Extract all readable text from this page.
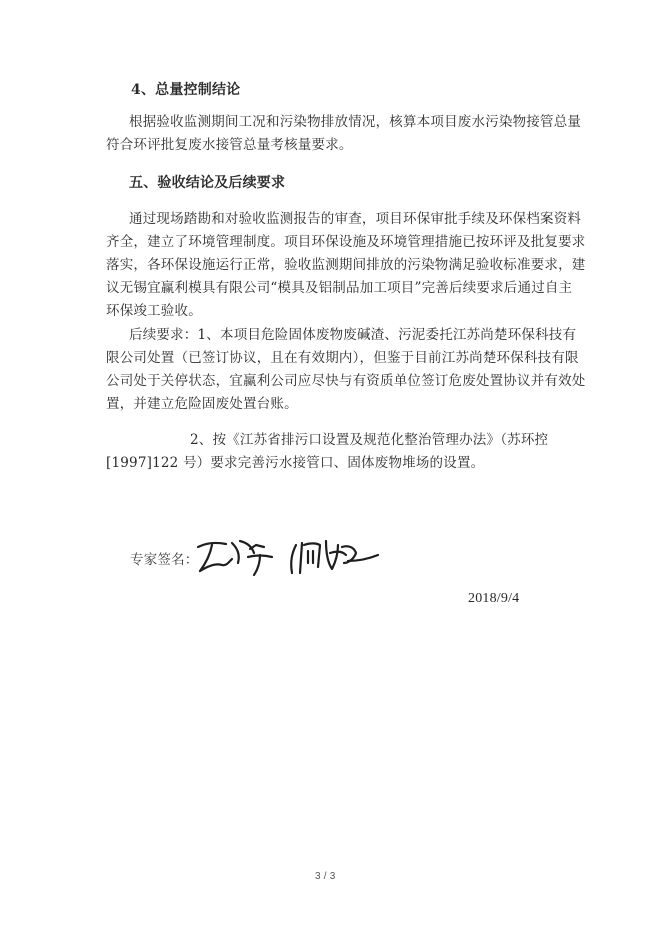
4、总量控制结论
根据验收监测期间工况和污染物排放情况，核算本项目废水污染物接管总量
符合环评批复废水接管总量考核量要求。
五、验收结论及后续要求
通过现场踏勘和对验收监测报告的审查，项目环保审批手续及环保档案资料
齐全，建立了环境管理制度。项目环保设施及环境管理措施已按环评及批复要求
落实，各环保设施运行正常，验收监测期间排放的污染物满足验收标准要求，建
议无锡宜赢利模具有限公司“模具及铝制品加工项目”完善后续要求后通过自主
环保竣工验收。
后续要求：1、本项目危险固体废物废碱渣、污泥委托江苏尚楚环保科技有
限公司处置（已签订协议，且在有效期内），但鉴于目前江苏尚楚环保科技有限
公司处于关停状态，宜赢利公司应尽快与有资质单位签订危废处置协议并有效处
置，并建立危险固废处置台账。
2、按《江苏省排污口设置及规范化整治管理办法》（苏环控
[1997]122 号）要求完善污水接管口、固体废物堆场的设置。
专家签名：
2018/9/4
3 / 3
